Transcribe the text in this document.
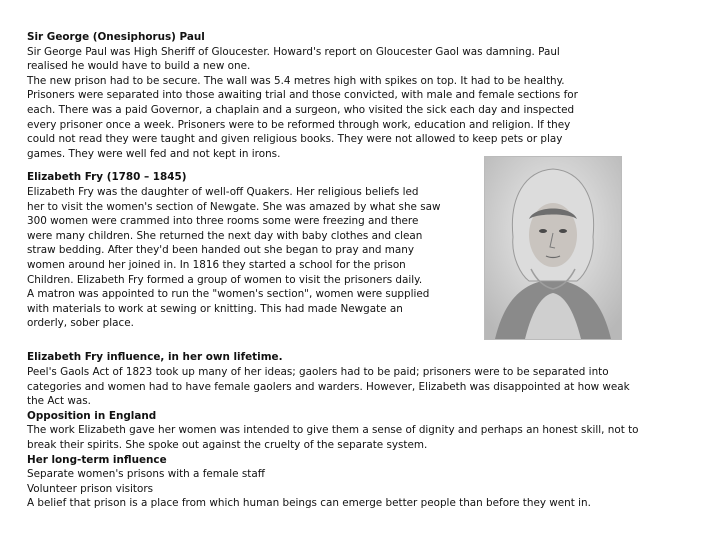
Sir George (Onesiphorus) Paul

Sir George Paul was High Sheriff of Gloucester. Howard's report on Gloucester Gaol was damning. Paul

realised he would have to build a new one.

The new prison had to be secure. The wall was 5.4 metres high with spikes on top. It had to be healthy.

Prisoners were separated into those awaiting trial and those convicted, with male and female sections for

each. There was a paid Governor, a chaplain and a surgeon, who visited the sick each day and inspected

every prisoner once a week. Prisoners were to be reformed through work, education and religion. If they

could not read they were taught and given religious books. They were not allowed to keep pets or play

games. They were well fed and not kept in irons.

Elizabeth Fry (1780 – 1845)

Elizabeth Fry was the daughter of well-off Quakers. Her religious beliefs led

her to visit the women's section of Newgate. She was amazed by what she saw

300 women were crammed into three rooms some were freezing and there

were many children. She returned the next day with baby clothes and clean

straw bedding. After they'd been handed out she began to pray and many

women around her joined in. In 1816 they started a school for the prison

Children. Elizabeth Fry formed a group of women to visit the prisoners daily.

A matron was appointed to run the "women's section", women were supplied

with materials to work at sewing or knitting. This had made Newgate an

orderly, sober place.

Elizabeth Fry influence, in her own lifetime.

Peel's Gaols Act of 1823 took up many of her ideas; gaolers had to be paid; prisoners were to be separated into

categories and women had to have female gaolers and warders. However, Elizabeth was disappointed at how weak

the Act was.

Opposition in England

The work Elizabeth gave her women was intended to give them a sense of dignity and perhaps an honest skill, not to

break their spirits. She spoke out against the cruelty of the separate system.

Her long-term influence

Separate women's prisons with a female staff

Volunteer prison visitors

A belief that prison is a place from which human beings can emerge better people than before they went in.
